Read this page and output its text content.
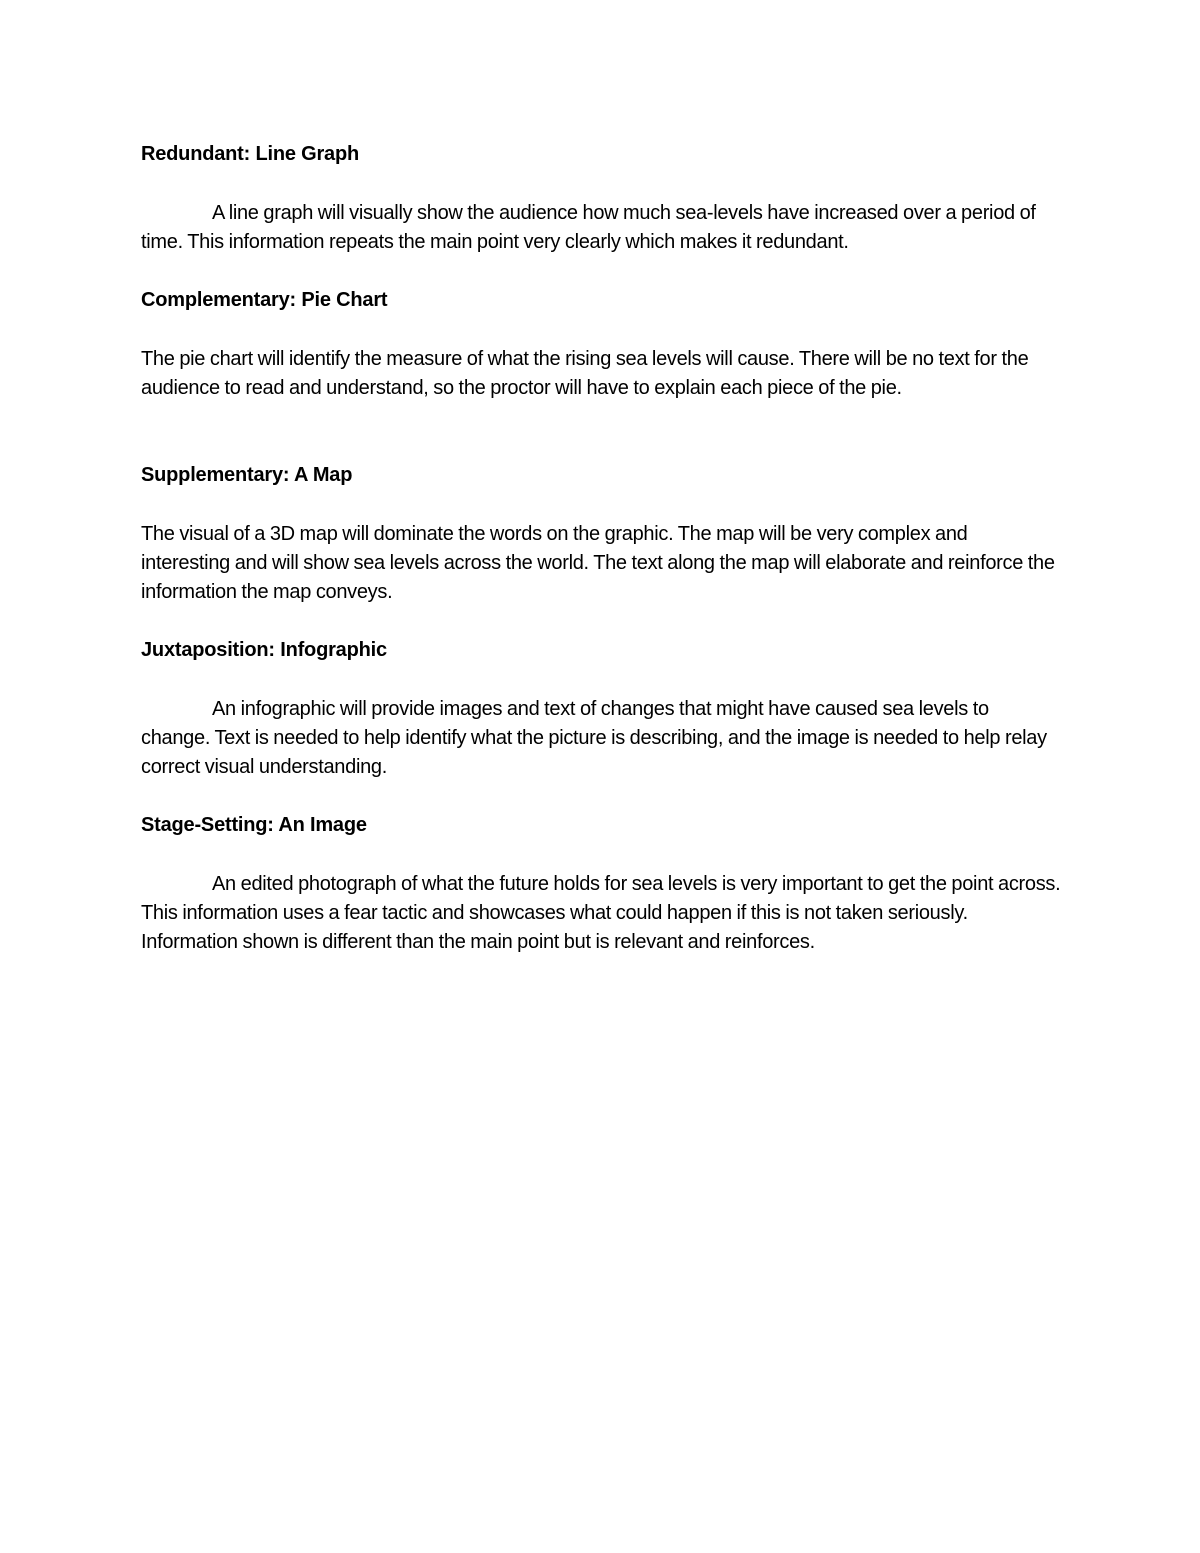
Redundant: Line Graph

A line graph will visually show the audience how much sea-levels have increased over a period of time. This information repeats the main point very clearly which makes it redundant.

Complementary: Pie Chart

The pie chart will identify the measure of what the rising sea levels will cause. There will be no text for the audience to read and understand, so the proctor will have to explain each piece of the pie.

Supplementary: A Map

The visual of a 3D map will dominate the words on the graphic. The map will be very complex and interesting and will show sea levels across the world. The text along the map will elaborate and reinforce the information the map conveys.

Juxtaposition: Infographic

An infographic will provide images and text of changes that might have caused sea levels to change. Text is needed to help identify what the picture is describing, and the image is needed to help relay correct visual understanding.

Stage-Setting: An Image

An edited photograph of what the future holds for sea levels is very important to get the point across. This information uses a fear tactic and showcases what could happen if this is not taken seriously. Information shown is different than the main point but is relevant and reinforces.
